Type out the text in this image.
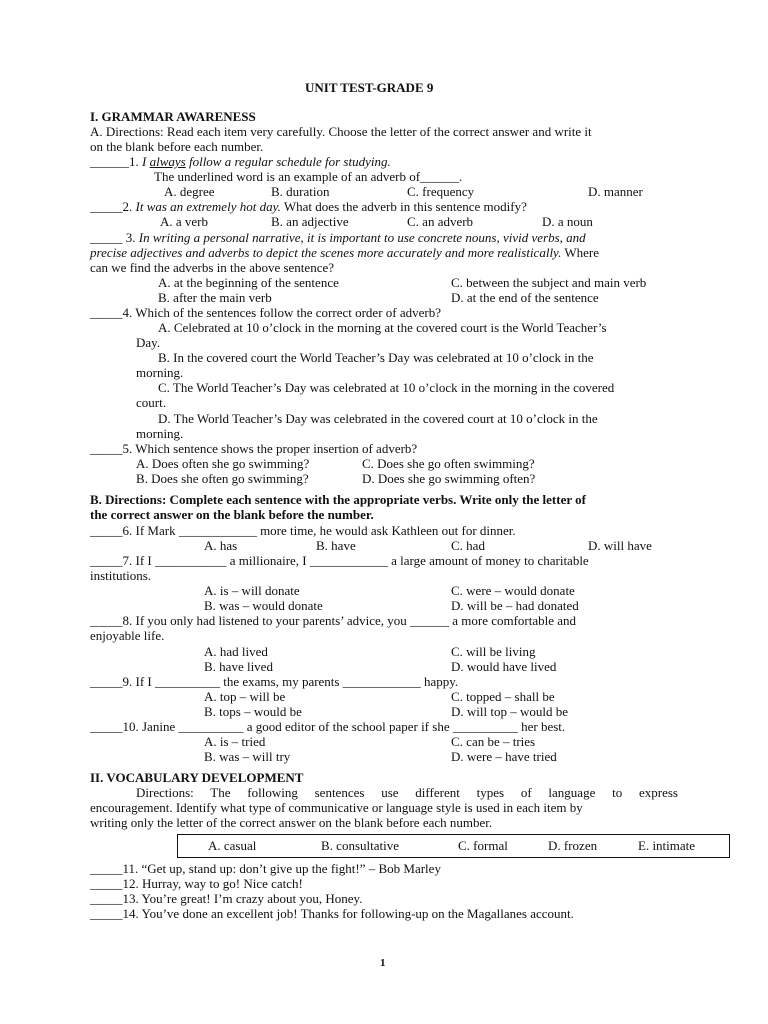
UNIT TEST-GRADE 9
I. GRAMMAR AWARENESS
A. Directions: Read each item very carefully. Choose the letter of the correct answer and write it
on the blank before each number.
______1. I always follow a regular schedule for studying.
The underlined word is an example of an adverb of______.
A. degree	B. duration	C. frequency	D. manner
_____2. It was an extremely hot day. What does the adverb in this sentence modify?
A. a verb	B. an adjective	C. an adverb	D. a noun
_____ 3. In writing a personal narrative, it is important to use concrete nouns, vivid verbs, and
precise adjectives and adverbs to depict the scenes more accurately and more realistically. Where
can we find the adverbs in the above sentence?
A. at the beginning of the sentence	C. between the subject and main verb
B. after the main verb	D. at the end of the sentence
_____4. Which of the sentences follow the correct order of adverb?
A. Celebrated at 10 o’clock in the morning at the covered court is the World Teacher’s
Day.
B. In the covered court the World Teacher’s Day was celebrated at 10 o’clock in the
morning.
C. The World Teacher’s Day was celebrated at 10 o’clock in the morning in the covered
court.
D. The World Teacher’s Day was celebrated in the covered court at 10 o’clock in the
morning.
_____5. Which sentence shows the proper insertion of adverb?
A. Does often she go swimming?	C. Does she go often swimming?
B. Does she often go swimming?	D. Does she go swimming often?
B. Directions: Complete each sentence with the appropriate verbs. Write only the letter of
the correct answer on the blank before the number.
_____6. If Mark ____________ more time, he would ask Kathleen out for dinner.
A. has	B. have	C. had	D. will have
_____7. If I ___________ a millionaire, I ____________ a large amount of money to charitable
institutions.
A. is – will donate	C. were – would donate
B. was – would donate	D. will be – had donated
_____8. If you only had listened to your parents’ advice, you ______ a more comfortable and
enjoyable life.
A. had lived	C. will be living
B. have lived	D. would have lived
_____9. If I __________ the exams, my parents ____________ happy.
A. top – will be	C. topped – shall be
B. tops – would be	D. will top – would be
_____10. Janine __________ a good editor of the school paper if she __________ her best.
A. is – tried	C. can be – tries
B. was – will try	D. were – have tried
II. VOCABULARY DEVELOPMENT
Directions: The following sentences use different types of language to express
encouragement. Identify what type of communicative or language style is used in each item by
writing only the letter of the correct answer on the blank before each number.
A. casual	B. consultative	C. formal	D. frozen	E. intimate
_____11. “Get up, stand up: don’t give up the fight!” – Bob Marley
_____12. Hurray, way to go! Nice catch!
_____13. You’re great! I’m crazy about you, Honey.
_____14. You’ve done an excellent job! Thanks for following-up on the Magallanes account.
1
